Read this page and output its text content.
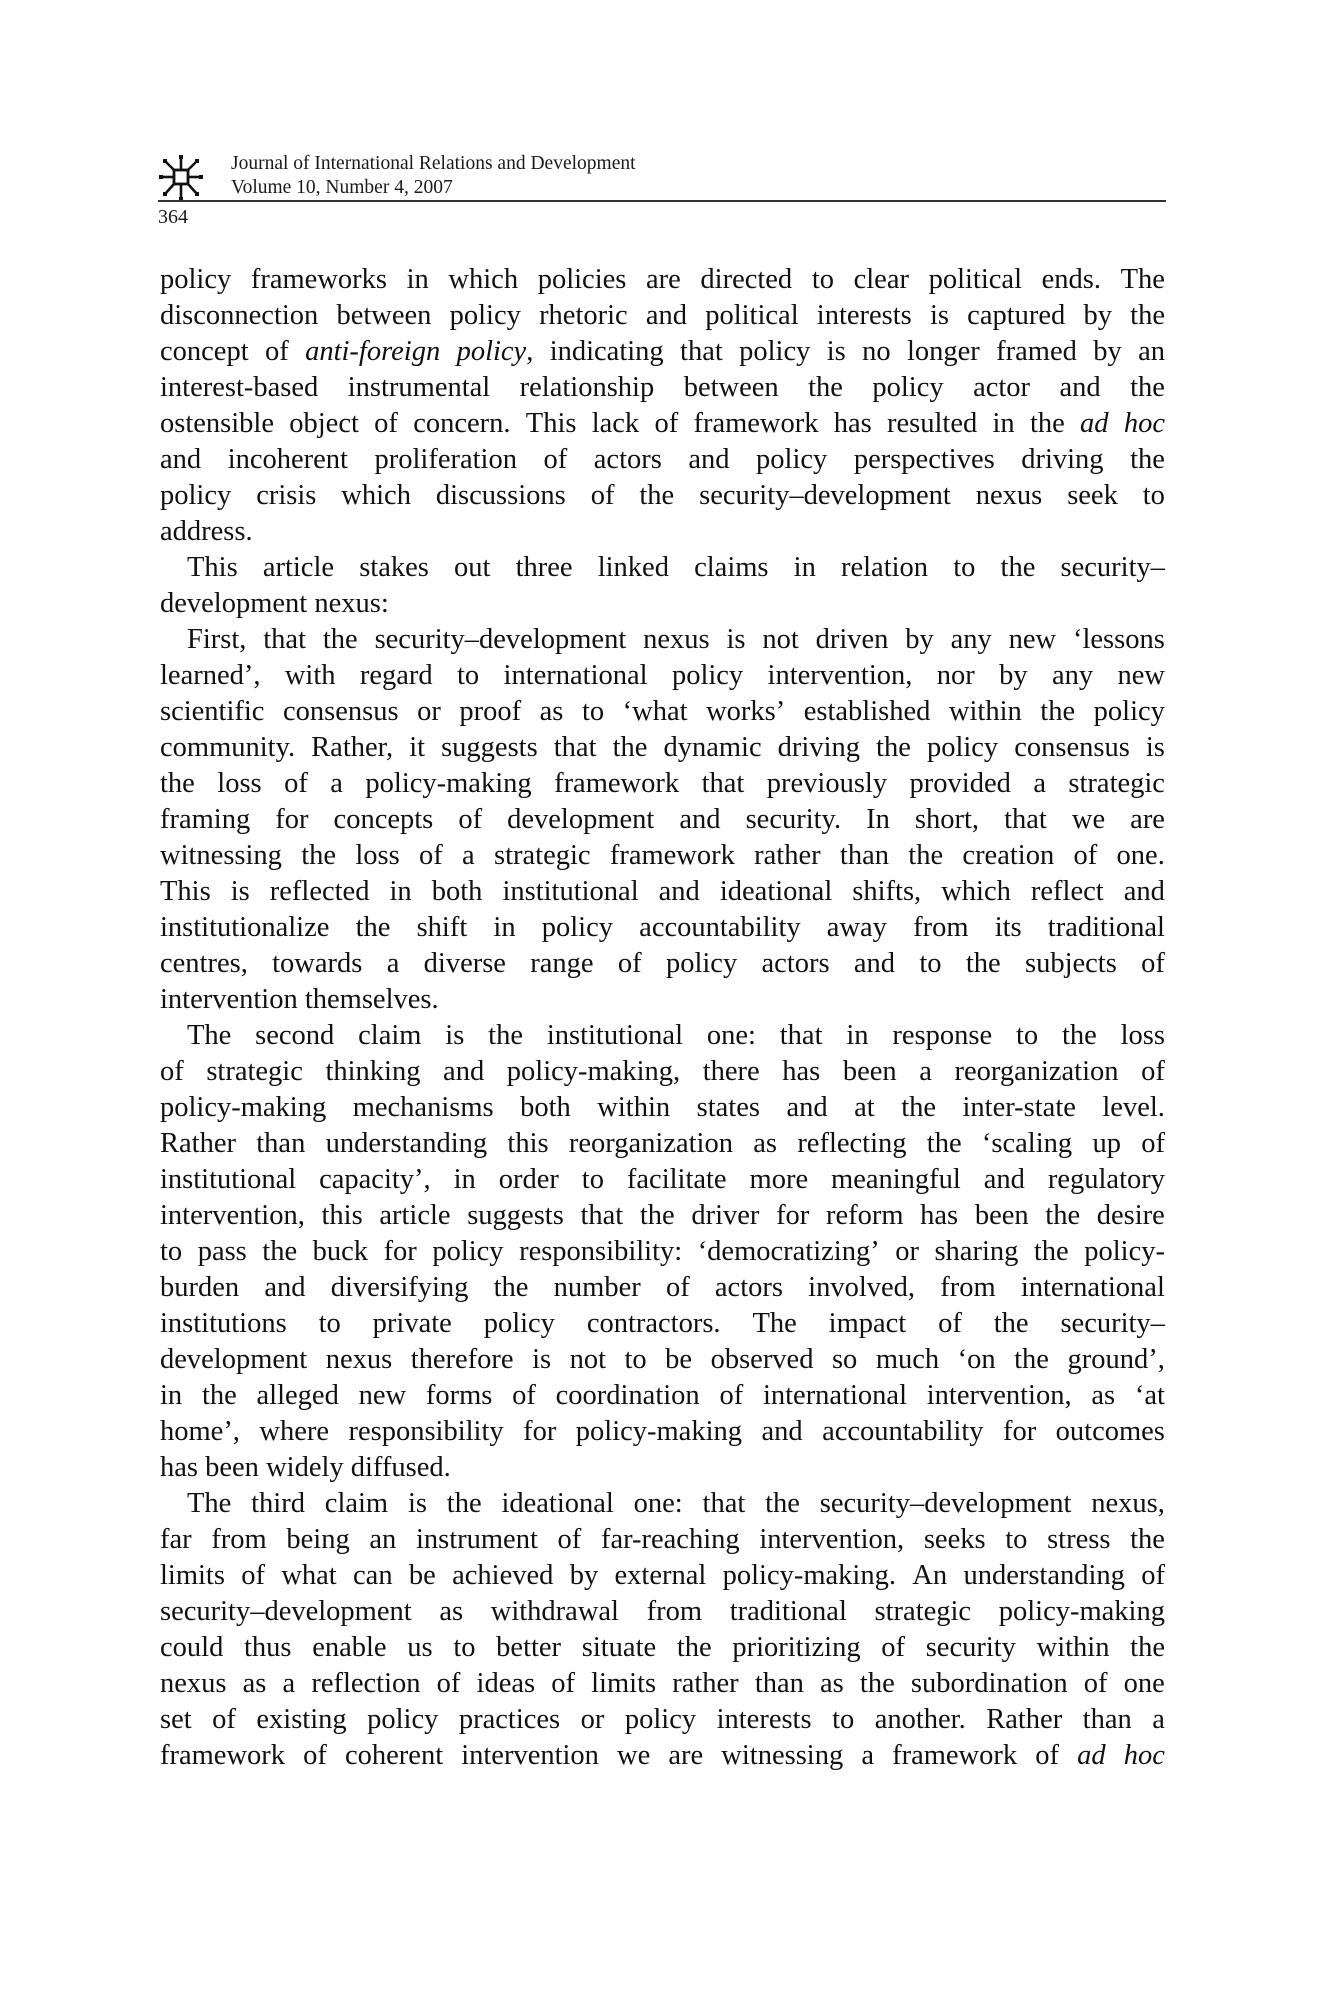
Journal of International Relations and Development
Volume 10, Number 4, 2007
364
policy frameworks in which policies are directed to clear political ends. The
disconnection between policy rhetoric and political interests is captured by the
concept of anti-foreign policy, indicating that policy is no longer framed by an
interest-based instrumental relationship between the policy actor and the
ostensible object of concern. This lack of framework has resulted in the ad hoc
and incoherent proliferation of actors and policy perspectives driving the
policy crisis which discussions of the security–development nexus seek to
address.
This article stakes out three linked claims in relation to the security–
development nexus:
First, that the security–development nexus is not driven by any new ‘lessons
learned’, with regard to international policy intervention, nor by any new
scientific consensus or proof as to ‘what works’ established within the policy
community. Rather, it suggests that the dynamic driving the policy consensus is
the loss of a policy-making framework that previously provided a strategic
framing for concepts of development and security. In short, that we are
witnessing the loss of a strategic framework rather than the creation of one.
This is reflected in both institutional and ideational shifts, which reflect and
institutionalize the shift in policy accountability away from its traditional
centres, towards a diverse range of policy actors and to the subjects of
intervention themselves.
The second claim is the institutional one: that in response to the loss
of strategic thinking and policy-making, there has been a reorganization of
policy-making mechanisms both within states and at the inter-state level.
Rather than understanding this reorganization as reflecting the ‘scaling up of
institutional capacity’, in order to facilitate more meaningful and regulatory
intervention, this article suggests that the driver for reform has been the desire
to pass the buck for policy responsibility: ‘democratizing’ or sharing the policy-
burden and diversifying the number of actors involved, from international
institutions to private policy contractors. The impact of the security–
development nexus therefore is not to be observed so much ‘on the ground’,
in the alleged new forms of coordination of international intervention, as ‘at
home’, where responsibility for policy-making and accountability for outcomes
has been widely diffused.
The third claim is the ideational one: that the security–development nexus,
far from being an instrument of far-reaching intervention, seeks to stress the
limits of what can be achieved by external policy-making. An understanding of
security–development as withdrawal from traditional strategic policy-making
could thus enable us to better situate the prioritizing of security within the
nexus as a reflection of ideas of limits rather than as the subordination of one
set of existing policy practices or policy interests to another. Rather than a
framework of coherent intervention we are witnessing a framework of ad hoc
